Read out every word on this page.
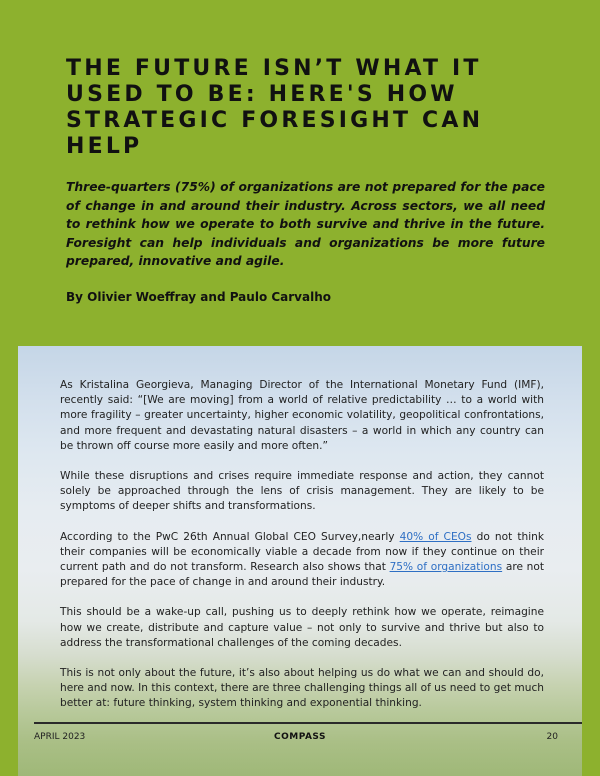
THE FUTURE ISN’T WHAT IT USED TO BE: HERE'S HOW STRATEGIC FORESIGHT CAN HELP

Three-quarters (75%) of organizations are not prepared for the pace of change in and around their industry. Across sectors, we all need to rethink how we operate to both survive and thrive in the future. Foresight can help individuals and organizations be more future prepared, innovative and agile.

By Olivier Woeffray and Paulo Carvalho

As Kristalina Georgieva, Managing Director of the International Monetary Fund (IMF), recently said: “[We are moving] from a world of relative predictability … to a world with more fragility – greater uncertainty, higher economic volatility, geopolitical confrontations, and more frequent and devastating natural disasters – a world in which any country can be thrown off course more easily and more often.”

While these disruptions and crises require immediate response and action, they cannot solely be approached through the lens of crisis management. They are likely to be symptoms of deeper shifts and transformations.

According to the PwC 26th Annual Global CEO Survey,nearly 40% of CEOs do not think their companies will be economically viable a decade from now if they continue on their current path and do not transform. Research also shows that 75% of organizations are not prepared for the pace of change in and around their industry.

This should be a wake-up call, pushing us to deeply rethink how we operate, reimagine how we create, distribute and capture value – not only to survive and thrive but also to address the transformational challenges of the coming decades.

This is not only about the future, it’s also about helping us do what we can and should do, here and now. In this context, there are three challenging things all of us need to get much better at: future thinking, system thinking and exponential thinking.

APRIL 2023	COMPASS	20
